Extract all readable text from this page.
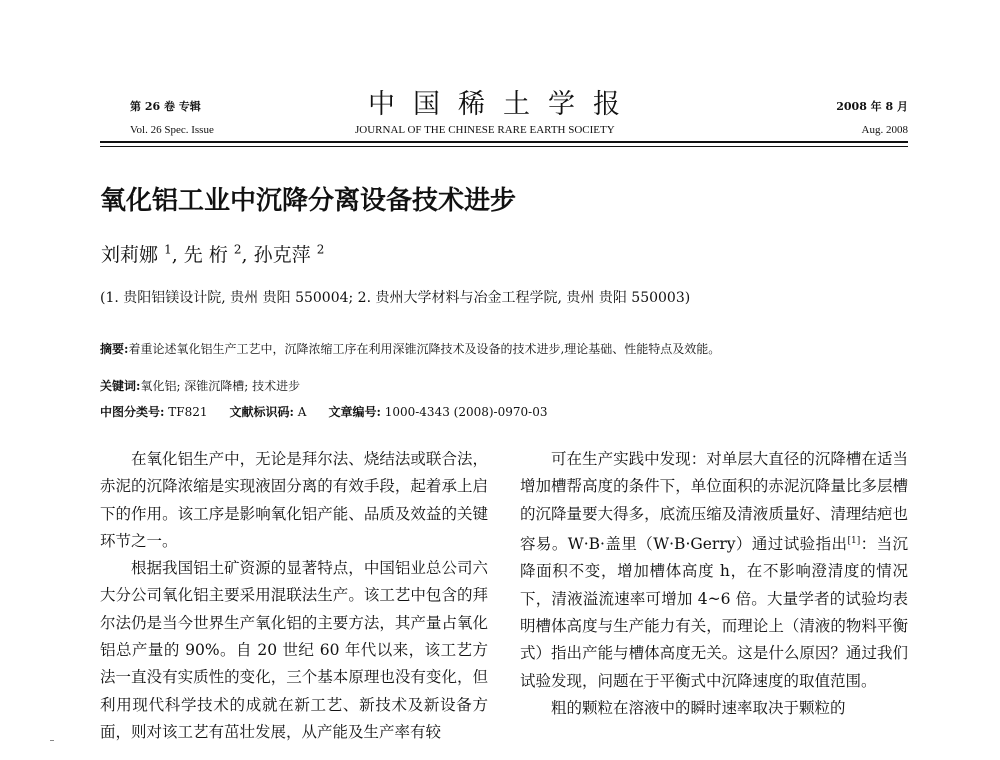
第 26 卷 专辑
Vol. 26 Spec. Issue
中国稀土学报
JOURNAL OF THE CHINESE RARE EARTH SOCIETY
2008 年 8 月
Aug. 2008
氧化铝工业中沉降分离设备技术进步
刘莉娜 $^1$, 先 桁 $^2$, 孙克萍 $^2$
(1. 贵阳铝镁设计院, 贵州 贵阳 550004; 2. 贵州大学材料与冶金工程学院, 贵州 贵阳 550003)
摘要:着重论述氧化铝生产工艺中，沉降浓缩工序在利用深锥沉降技术及设备的技术进步,理论基础、性能特点及效能。
关键词:氧化铝; 深锥沉降槽; 技术进步
中图分类号: TF821 文献标识码: A 文章编号: 1000-4343 (2008)-0970-03

在氧化铝生产中，无论是拜尔法、烧结法或联合法，赤泥的沉降浓缩是实现液固分离的有效手段，起着承上启下的作用。该工序是影响氧化铝产能、品质及效益的关键环节之一。

根据我国铝土矿资源的显著特点，中国铝业总公司六大分公司氧化铝主要采用混联法生产。该工艺中包含的拜尔法仍是当今世界生产氧化铝的主要方法，其产量占氧化铝总产量的 90%。自 20 世纪 60 年代以来，该工艺方法一直没有实质性的变化，三个基本原理也没有变化，但利用现代科学技术的成就在新工艺、新技术及新设备方面，则对该工艺有茁壮发展，从产能及生产率有较

可在生产实践中发现：对单层大直径的沉降槽在适当增加槽帮高度的条件下，单位面积的赤泥沉降量比多层槽的沉降量要大得多，底流压缩及清液质量好、清理结疤也容易。W·B·盖里（W·B·Gerry）通过试验指出[1]：当沉降面积不变，增加槽体高度 h，在不影响澄清度的情况下，清液溢流速率可增加 4~6 倍。大量学者的试验均表明槽体高度与生产能力有关，而理论上（清液的物料平衡式）指出产能与槽体高度无关。这是什么原因？通过我们试验发现，问题在于平衡式中沉降速度的取值范围。

粗的颗粒在溶液中的瞬时速率取决于颗粒的
